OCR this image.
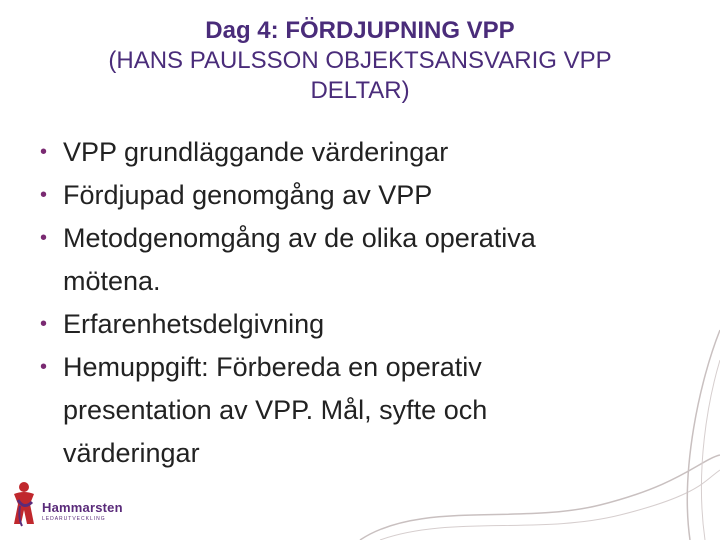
Dag 4: FÖRDJUPNING VPP
(HANS PAULSSON OBJEKTSANSVARIG VPP
DELTAR)
• VPP grundläggande värderingar
• Fördjupad genomgång av VPP
• Metodgenomgång av de olika operativa
mötena.
• Erfarenhetsdelgivning
• Hemuppgift: Förbereda en operativ
presentation av VPP. Mål, syfte och
värderingar
Hammarsten
LEDARUTVECKLING
